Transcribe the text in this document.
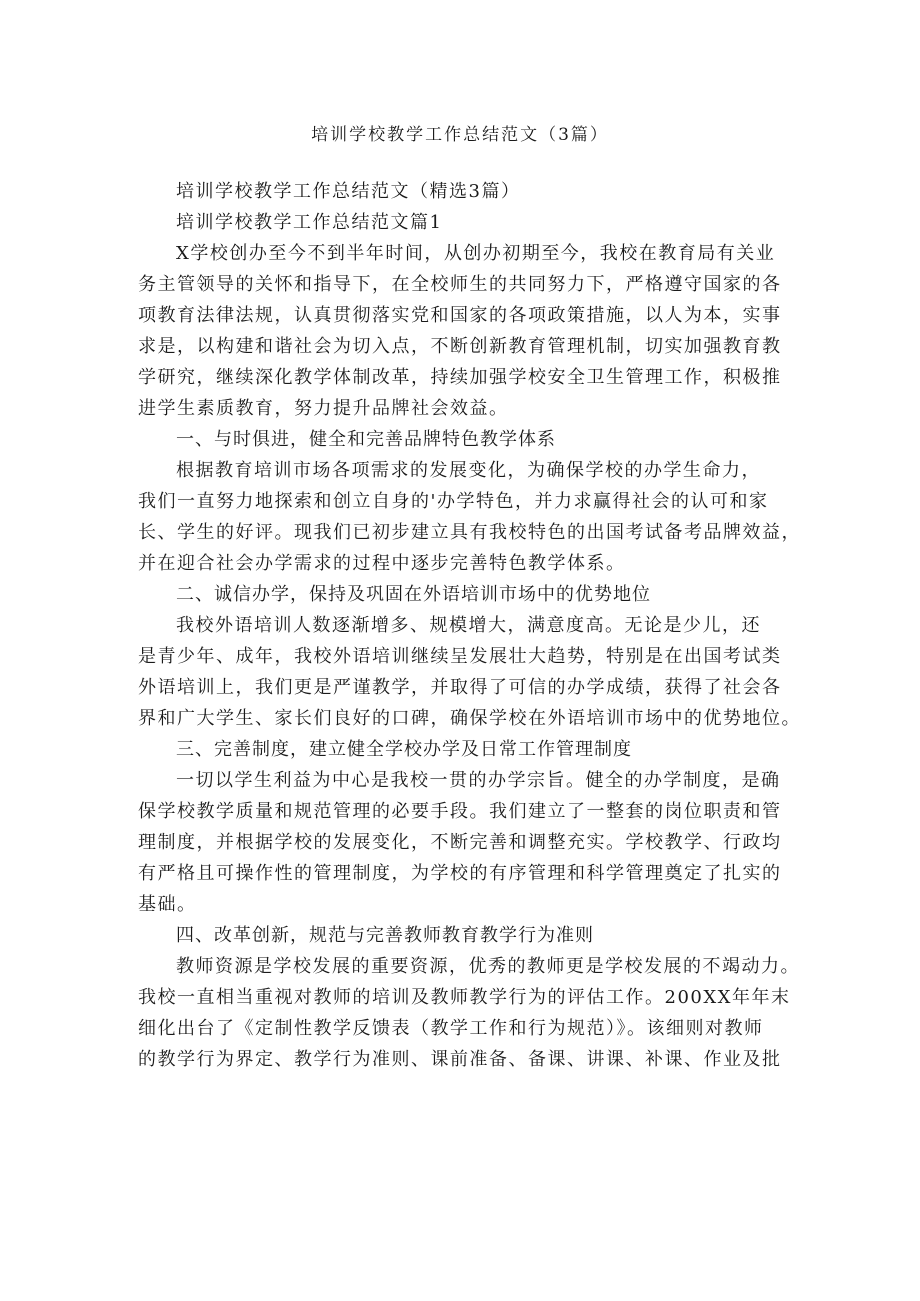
培训学校教学工作总结范文（3篇）
培训学校教学工作总结范文（精选3篇）
培训学校教学工作总结范文篇1
X学校创办至今不到半年时间，从创办初期至今，我校在教育局有关业
务主管领导的关怀和指导下，在全校师生的共同努力下，严格遵守国家的各
项教育法律法规，认真贯彻落实党和国家的各项政策措施，以人为本，实事
求是，以构建和谐社会为切入点，不断创新教育管理机制，切实加强教育教
学研究，继续深化教学体制改革，持续加强学校安全卫生管理工作，积极推
进学生素质教育，努力提升品牌社会效益。
一、与时俱进，健全和完善品牌特色教学体系
根据教育培训市场各项需求的发展变化，为确保学校的办学生命力，
我们一直努力地探索和创立自身的'办学特色，并力求赢得社会的认可和家
长、学生的好评。现我们已初步建立具有我校特色的出国考试备考品牌效益，
并在迎合社会办学需求的过程中逐步完善特色教学体系。
二、诚信办学，保持及巩固在外语培训市场中的优势地位
我校外语培训人数逐渐增多、规模增大，满意度高。无论是少儿，还
是青少年、成年，我校外语培训继续呈发展壮大趋势，特别是在出国考试类
外语培训上，我们更是严谨教学，并取得了可信的办学成绩，获得了社会各
界和广大学生、家长们良好的口碑，确保学校在外语培训市场中的优势地位。
三、完善制度，建立健全学校办学及日常工作管理制度
一切以学生利益为中心是我校一贯的办学宗旨。健全的办学制度，是确
保学校教学质量和规范管理的必要手段。我们建立了一整套的岗位职责和管
理制度，并根据学校的发展变化，不断完善和调整充实。学校教学、行政均
有严格且可操作性的管理制度，为学校的有序管理和科学管理奠定了扎实的
基础。
四、改革创新，规范与完善教师教育教学行为准则
教师资源是学校发展的重要资源，优秀的教师更是学校发展的不竭动力。
我校一直相当重视对教师的培训及教师教学行为的评估工作。200XX年年末
细化出台了《定制性教学反馈表（教学工作和行为规范）》。该细则对教师
的教学行为界定、教学行为准则、课前准备、备课、讲课、补课、作业及批
